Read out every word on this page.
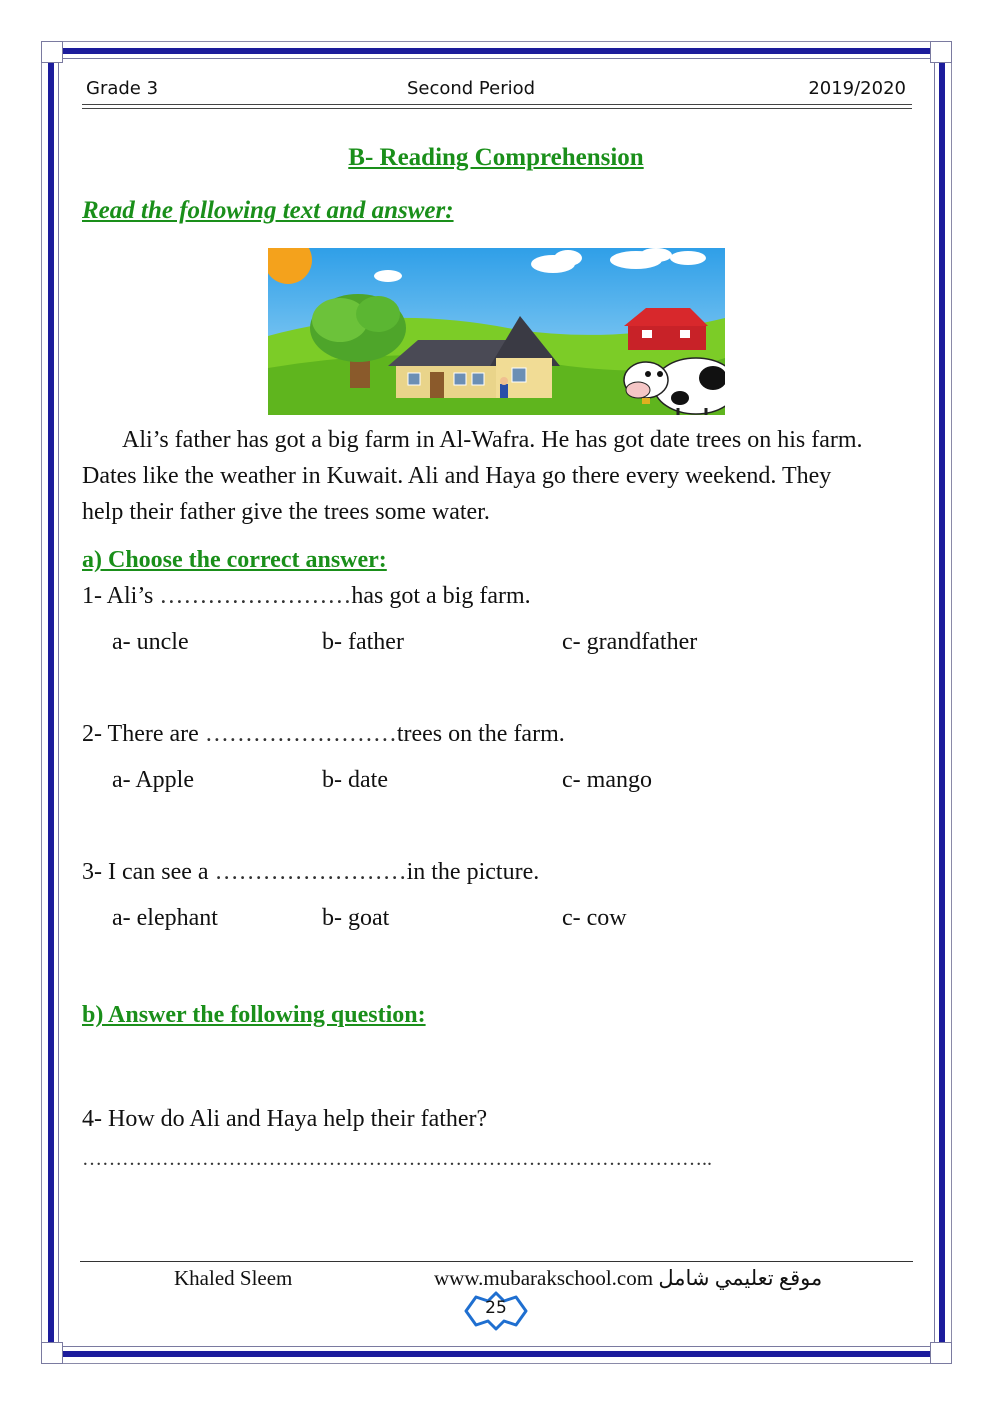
Grade 3	Second Period	2019/2020
B- Reading Comprehension
Read the following text and answer:
Ali’s father has got a big farm in Al-Wafra. He has got date trees on his farm. Dates like the weather in Kuwait. Ali and Haya go there every weekend. They help their father give the trees some water.
a) Choose the correct answer:
1- Ali’s ……………………has got a big farm.
a- uncle	b- father	c- grandfather
2- There are ……………………trees on the farm.
a- Apple	b- date	c- mango
3- I can see a ……………………in the picture.
a- elephant	b- goat	c- cow
b) Answer the following question:
4- How do Ali and Haya help their father?
…………………………………………………………………………………..
Khaled Sleem	www.mubarakschool.com موقع تعليمي شامل
25
